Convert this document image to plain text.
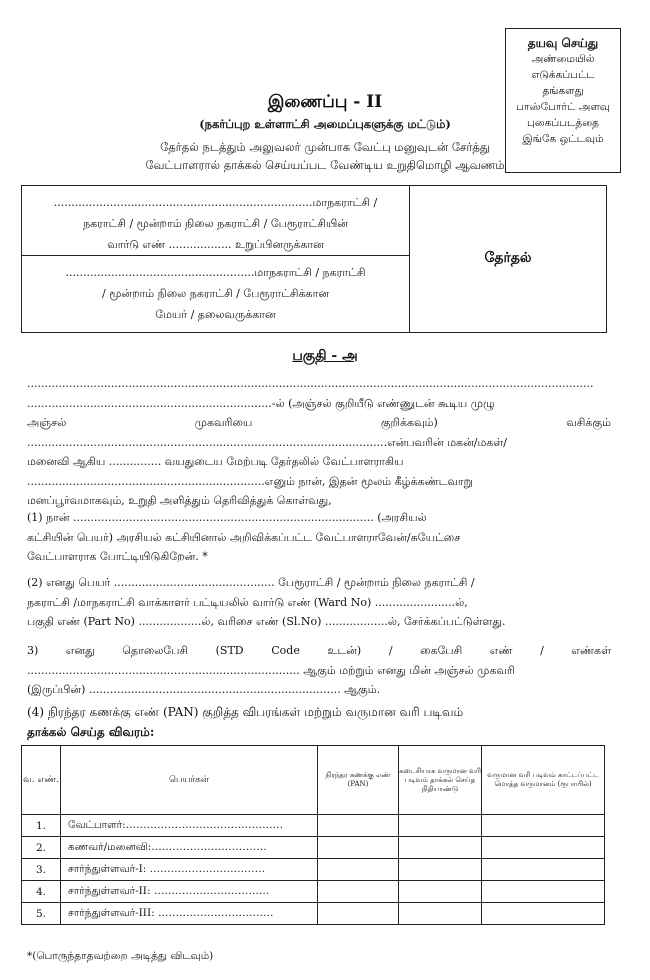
தயவு செய்து
அண்மையில்
எடுக்கப்பட்ட
தங்களது
பாஸ்போர்ட் அளவு
புகைப்படத்தை
இங்கே ஒட்டவும்
இணைப்பு - II
(நகர்ப்புற உள்ளாட்சி அமைப்புகளுக்கு மட்டும்)
தேர்தல் நடத்தும் அலுவலர் முன்பாக வேட்பு மனுவுடன் சேர்த்து
வேட்பாளரால் தாக்கல் செய்யப்பட வேண்டிய உறுதிமொழி ஆவணம்
..........................................................................மாநகராட்சி /
நகராட்சி / மூன்றாம் நிலை நகராட்சி / பேரூராட்சியின்
வார்டு எண் .................. உறுப்பினருக்கான
......................................................மாநகராட்சி / நகராட்சி
/ மூன்றாம் நிலை நகராட்சி / பேரூராட்சிக்கான
மேயர் / தலைவருக்கான
தேர்தல்
பகுதி - அ
..................................................................................................................................................................
......................................................................-ல் (அஞ்சல் குறியீடு எண்ணுடன் கூடிய முழு
அஞ்சல் முகவரியை குறிக்கவும்) வசிக்கும்
.......................................................................................................என்பவரின் மகன்/மகள்/
மனைவி ஆகிய ............... வயதுடைய மேற்படி தேர்தலில் வேட்பாளராகிய
....................................................................எனும் நான், இதன் மூலம் கீழ்க்கண்டவாறு
மனப்பூர்வமாகவும், உறுதி அளித்தும் தெரிவித்துக் கொள்வது,
(1) நான் ...................................................................................... (அரசியல்
கட்சியின் பெயர்) அரசியல் கட்சியினால் அறிவிக்கப்பட்ட வேட்பாளராவேன்/சுயேட்சை
வேட்பாளராக போட்டியிடுகிறேன். *
(2) எனது பெயர் .............................................. பேரூராட்சி / மூன்றாம் நிலை நகராட்சி /
நகராட்சி /மாநகராட்சி வாக்காளர் பட்டியலில் வார்டு எண் (Ward No) .......................ல்,
பகுதி எண் (Part No) ..................ல், வரிசை எண் (Sl.No) ..................ல், சேர்க்கப்பட்டுள்ளது.
3) எனது தொலைபேசி (STD Code உடன்) / கைபேசி எண் / எண்கள்
.............................................................................. ஆகும் மற்றும் எனது மின் அஞ்சல் முகவரி
(இருப்பின்) ........................................................................ ஆகும்.
(4) நிரந்தர கணக்கு எண் (PAN) குறித்த விபரங்கள் மற்றும் வருமான வரி படிவம்
தாக்கல் செய்த விவரம்:
வ. எண்.	பெயர்கள்	நிரந்தர கணக்கு எண் (PAN)	கடைசியாக வருமான வரி படிவம் தாக்கல் செய்த நிதியாண்டு	வருமான வரி படிவம் காட்டப்பட்ட மொத்த வருமானம் (ரூபாயில்)
1.	வேட்பாளர்:………………………………………			
2.	கணவர்/மனைவி:……………………………			
3.	சார்ந்துள்ளவர்-I: ……………………………			
4.	சார்ந்துள்ளவர்-II: ……………………………			
5.	சார்ந்துள்ளவர்-III: ……………………………			
*(பொருந்தாதவற்றை அடித்து விடவும்)
